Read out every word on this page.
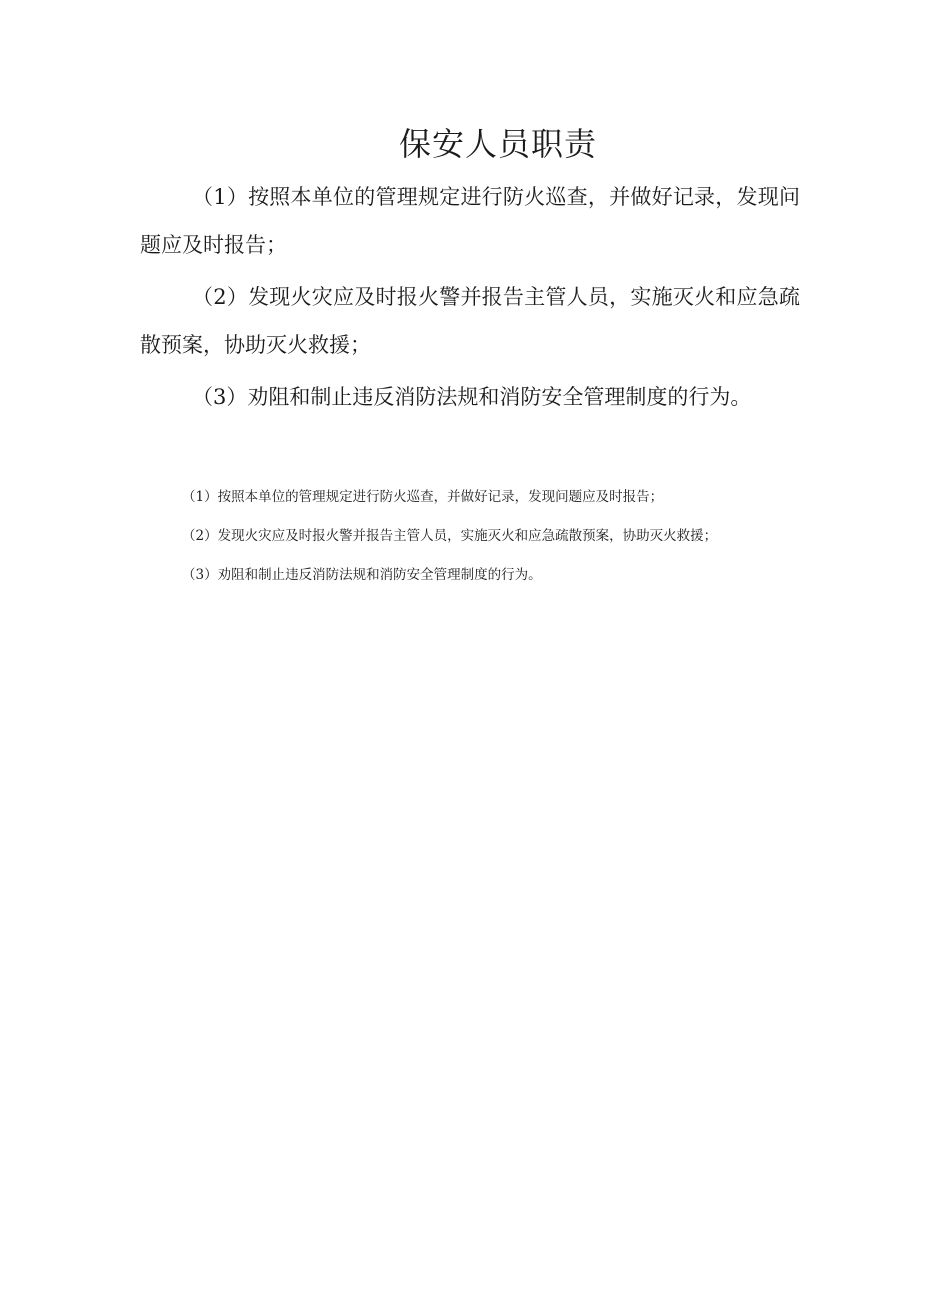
保安人员职责

（1）按照本单位的管理规定进行防火巡查，并做好记录，发现问题应及时报告；

（2）发现火灾应及时报火警并报告主管人员，实施灭火和应急疏散预案，协助灭火救援；

（3）劝阻和制止违反消防法规和消防安全管理制度的行为。

（1）按照本单位的管理规定进行防火巡查，并做好记录，发现问题应及时报告；

（2）发现火灾应及时报火警并报告主管人员，实施灭火和应急疏散预案，协助灭火救援；

（3）劝阻和制止违反消防法规和消防安全管理制度的行为。
